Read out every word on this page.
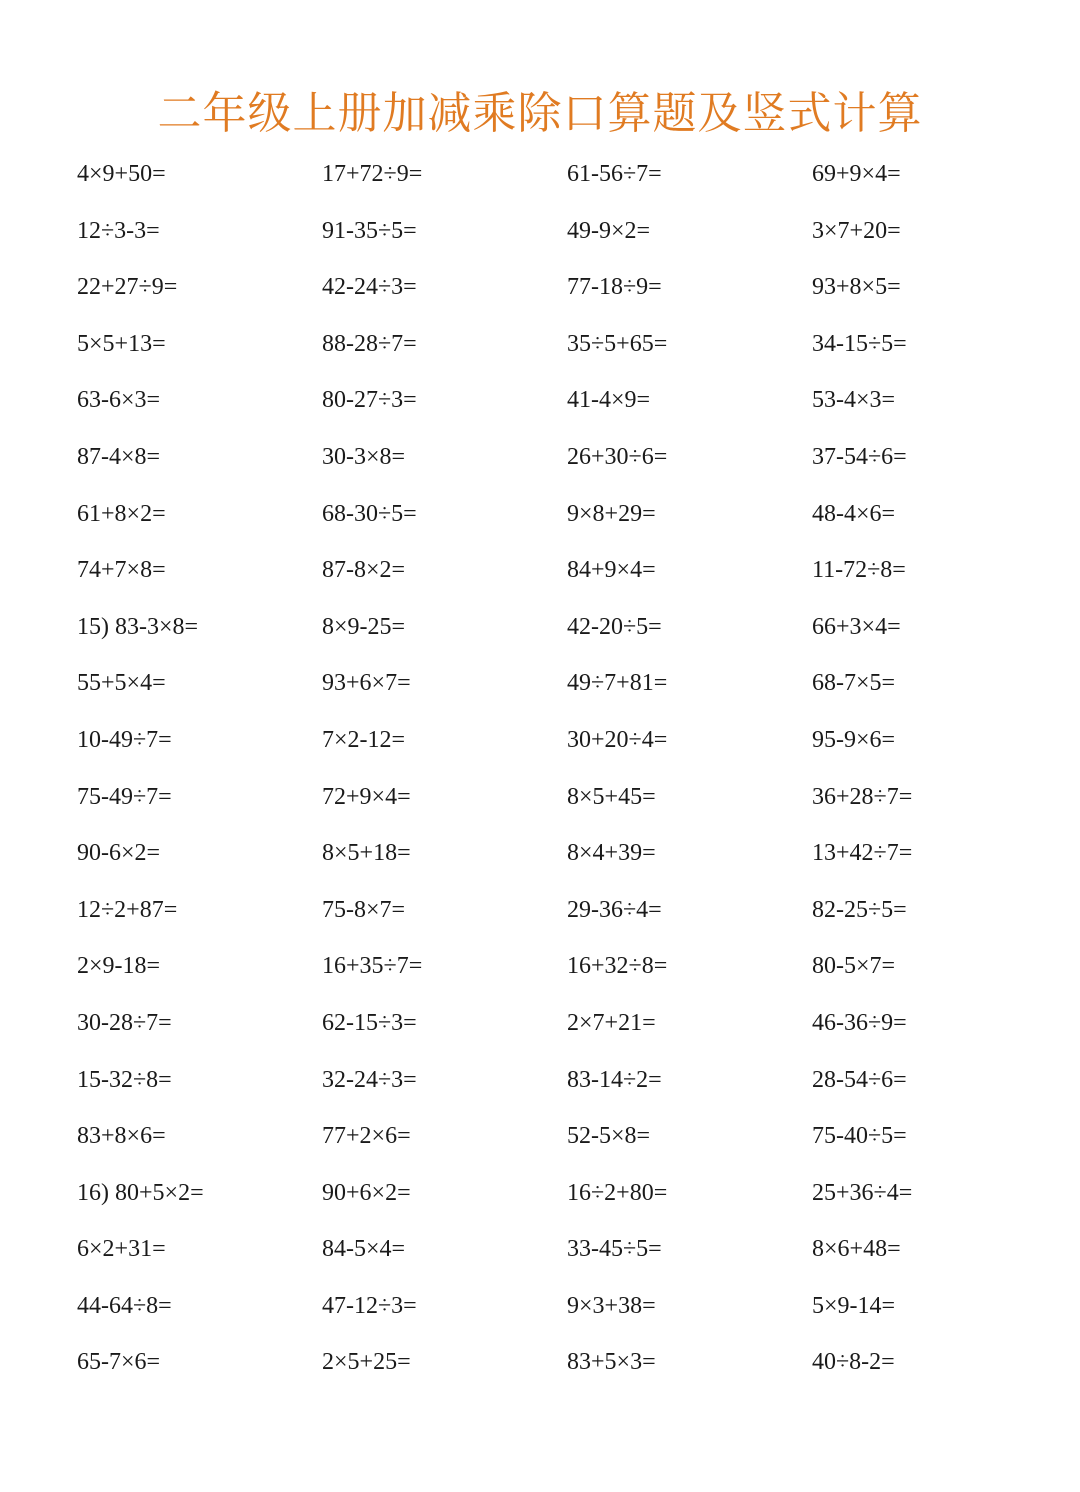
二年级上册加减乘除口算题及竖式计算
4×9+50=	17+72÷9=	61-56÷7=	69+9×4=
12÷3-3=	91-35÷5=	49-9×2=	3×7+20=
22+27÷9=	42-24÷3=	77-18÷9=	93+8×5=
5×5+13=	88-28÷7=	35÷5+65=	34-15÷5=
63-6×3=	80-27÷3=	41-4×9=	53-4×3=
87-4×8=	30-3×8=	26+30÷6=	37-54÷6=
61+8×2=	68-30÷5=	9×8+29=	48-4×6=
74+7×8=	87-8×2=	84+9×4=	11-72÷8=
15) 83-3×8=	8×9-25=	42-20÷5=	66+3×4=
55+5×4=	93+6×7=	49÷7+81=	68-7×5=
10-49÷7=	7×2-12=	30+20÷4=	95-9×6=
75-49÷7=	72+9×4=	8×5+45=	36+28÷7=
90-6×2=	8×5+18=	8×4+39=	13+42÷7=
12÷2+87=	75-8×7=	29-36÷4=	82-25÷5=
2×9-18=	16+35÷7=	16+32÷8=	80-5×7=
30-28÷7=	62-15÷3=	2×7+21=	46-36÷9=
15-32÷8=	32-24÷3=	83-14÷2=	28-54÷6=
83+8×6=	77+2×6=	52-5×8=	75-40÷5=
16) 80+5×2=	90+6×2=	16÷2+80=	25+36÷4=
6×2+31=	84-5×4=	33-45÷5=	8×6+48=
44-64÷8=	47-12÷3=	9×3+38=	5×9-14=
65-7×6=	2×5+25=	83+5×3=	40÷8-2=
